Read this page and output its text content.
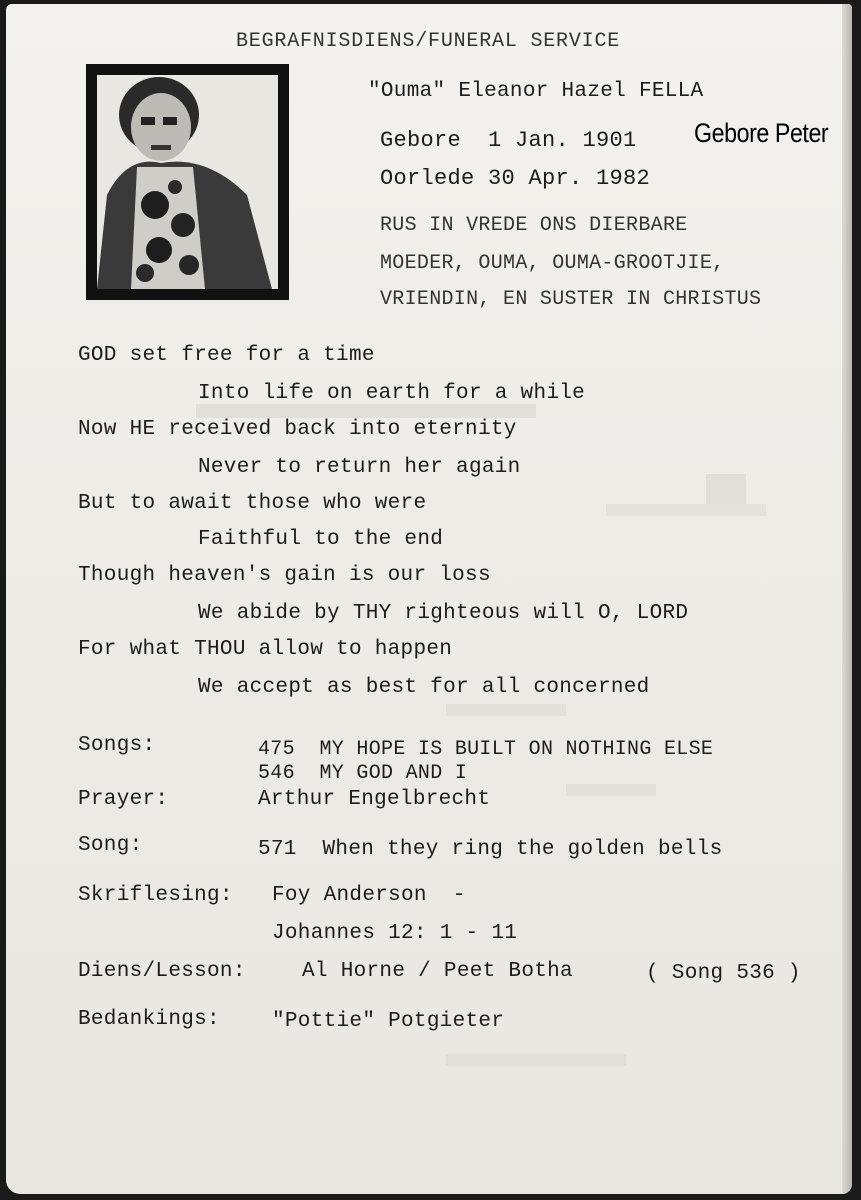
BEGRAFNISDIENS/FUNERAL SERVICE
"Ouma" Eleanor Hazel FELLA
Gebore  1 Jan. 1901
Oorlede 30 Apr. 1982
Gebore Peter
RUS IN VREDE ONS DIERBARE
MOEDER, OUMA, OUMA-GROOTJIE,
VRIENDIN, EN SUSTER IN CHRISTUS
GOD set free for a time
Into life on earth for a while
Now HE received back into eternity
Never to return her again
But to await those who were
Faithful to the end
Though heaven's gain is our loss
We abide by THY righteous will O, LORD
For what THOU allow to happen
We accept as best for all concerned
Songs:	475  MY HOPE IS BUILT ON NOTHING ELSE
546  MY GOD AND I
Prayer:	Arthur Engelbrecht
Song:	571  When they ring the golden bells
Skriflesing: Foy Anderson  -
Johannes 12: 1 - 11
Diens/Lesson:	Al Horne / Peet Botha	( Song 536 )
Bedankings: "Pottie" Potgieter
